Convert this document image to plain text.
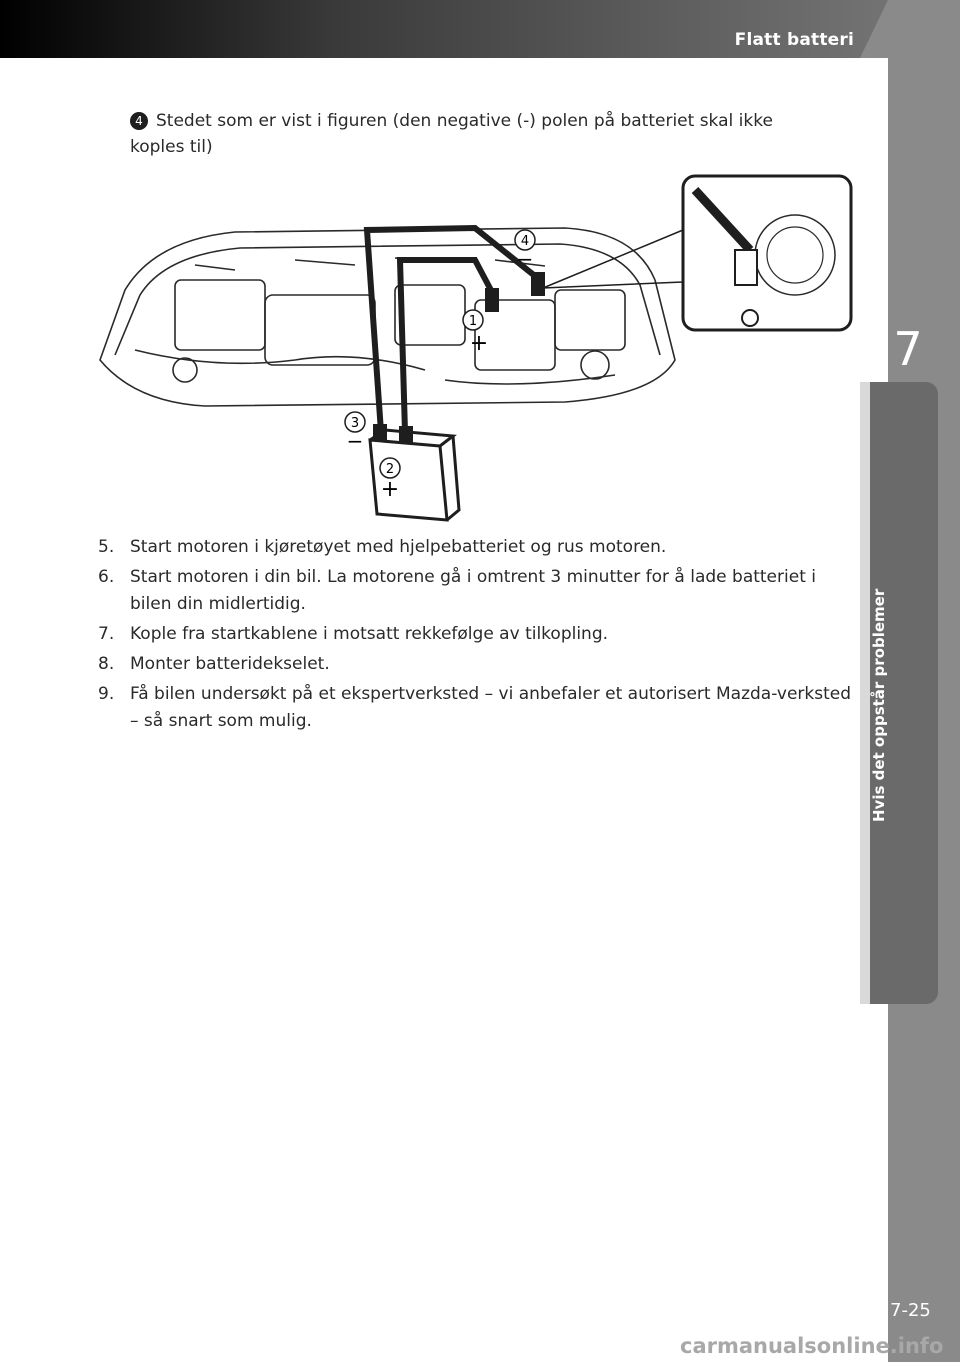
Flatt batteri
7
4 Stedet som er vist i figuren (den negative (-) polen på batteriet skal ikke koples til)
4
−
1
+
3
−
2
+
5. Start motoren i kjøretøyet med hjelpebatteriet og rus motoren.
6. Start motoren i din bil. La motorene gå i omtrent 3 minutter for å lade batteriet i bilen din midlertidig.
7. Kople fra startkablene i motsatt rekkefølge av tilkopling.
8. Monter batteridekselet.
9. Få bilen undersøkt på et ekspertverksted – vi anbefaler et autorisert Mazda-verksted – så snart som mulig.
7-25
carmanualsonline.info
